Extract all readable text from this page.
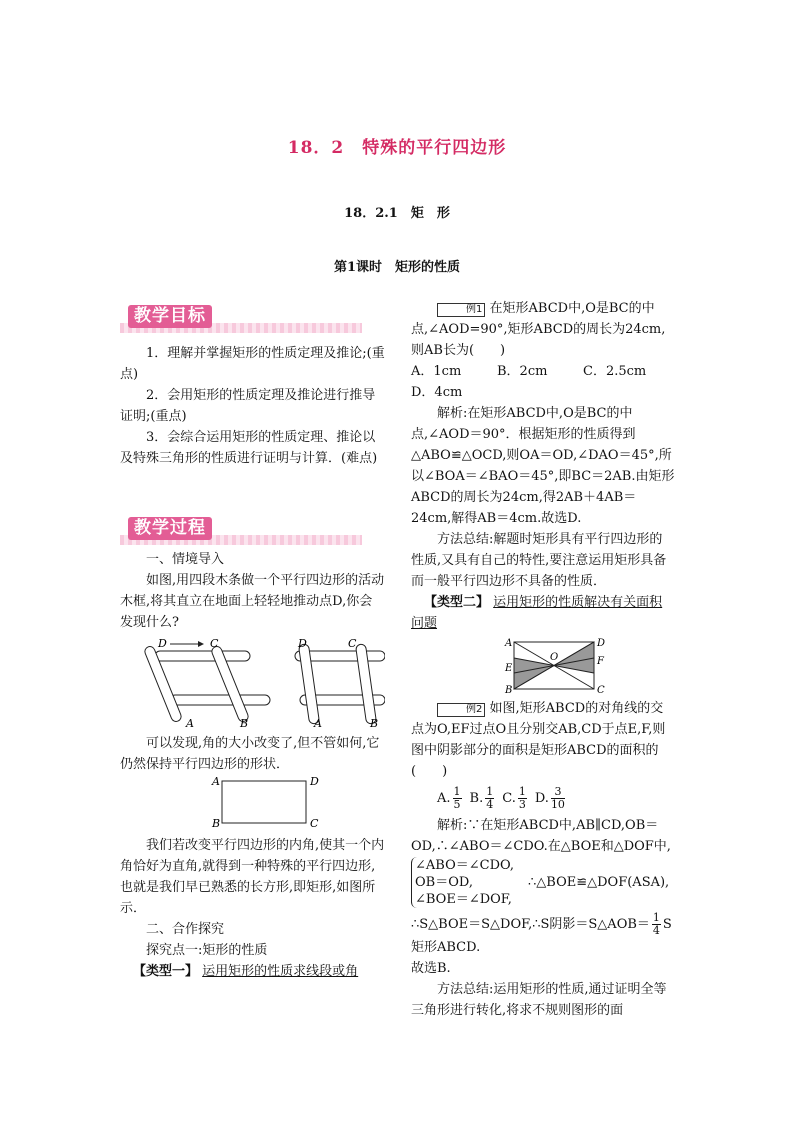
18．2　特殊的平行四边形
18．2.1　矩　形
第1课时　矩形的性质
教学目标

1．理解并掌握矩形的性质定理及推论;(重点)

2．会用矩形的性质定理及推论进行推导证明;(重点)

3．会综合运用矩形的性质定理、推论以及特殊三角形的性质进行证明与计算．(难点)

教学过程

一、情境导入

如图,用四段木条做一个平行四边形的活动木框,将其直立在地面上轻轻地推动点D,你会发现什么?

D	C
A	B
D	C
A	B

可以发现,角的大小改变了,但不管如何,它仍然保持平行四边形的形状．

A	D
B	C

我们若改变平行四边形的内角,使其一个内角恰好为直角,就得到一种特殊的平行四边形,也就是我们早已熟悉的长方形,即矩形,如图所示．

二、合作探究

探究点一:矩形的性质

【类型一】 运用矩形的性质求线段或角

例1 在矩形ABCD中,O是BC的中点,∠AOD=90°,矩形ABCD的周长为24cm,则AB长为(　　)

A．1cm	B．2cm	C．2.5cm
D．4cm

解析:在矩形ABCD中,O是BC的中点,∠AOD＝90°．根据矩形的性质得到△ABO≌△OCD,则OA＝OD,∠DAO＝45°,所以∠BOA＝∠BAO＝45°,即BC＝2AB.由矩形ABCD的周长为24cm,得2AB＋4AB＝24cm,解得AB＝4cm.故选D.

方法总结:解题时矩形具有平行四边形的性质,又具有自己的特性,要注意运用矩形具备而一般平行四边形不具备的性质．

【类型二】 运用矩形的性质解决有关面积问题

A	D
B	C
E
F
O

例2 如图,矩形ABCD的对角线的交点为O,EF过点O且分别交AB,CD于点E,F,则图中阴影部分的面积是矩形ABCD的面积的(　　)

A. $\frac{1}{5} B$. $\frac{1}{4} C$. $\frac{1}{3} D$. $\frac{3}{10}$

解析:∵在矩形ABCD中,AB∥CD,OB＝OD,∴∠ABO＝∠CDO.在△BOE和△DOF中,

∠ABO＝∠CDO,
OB＝OD,
∠BOE＝∠DOF,
∴△BOE≌△DOF(ASA),

∴S△BOE＝S△DOF,∴S阴影＝S△AOB＝ $\frac{1}{4}$ S矩形ABCD.

故选B.

方法总结:运用矩形的性质,通过证明全等三角形进行转化,将求不规则图形的面
